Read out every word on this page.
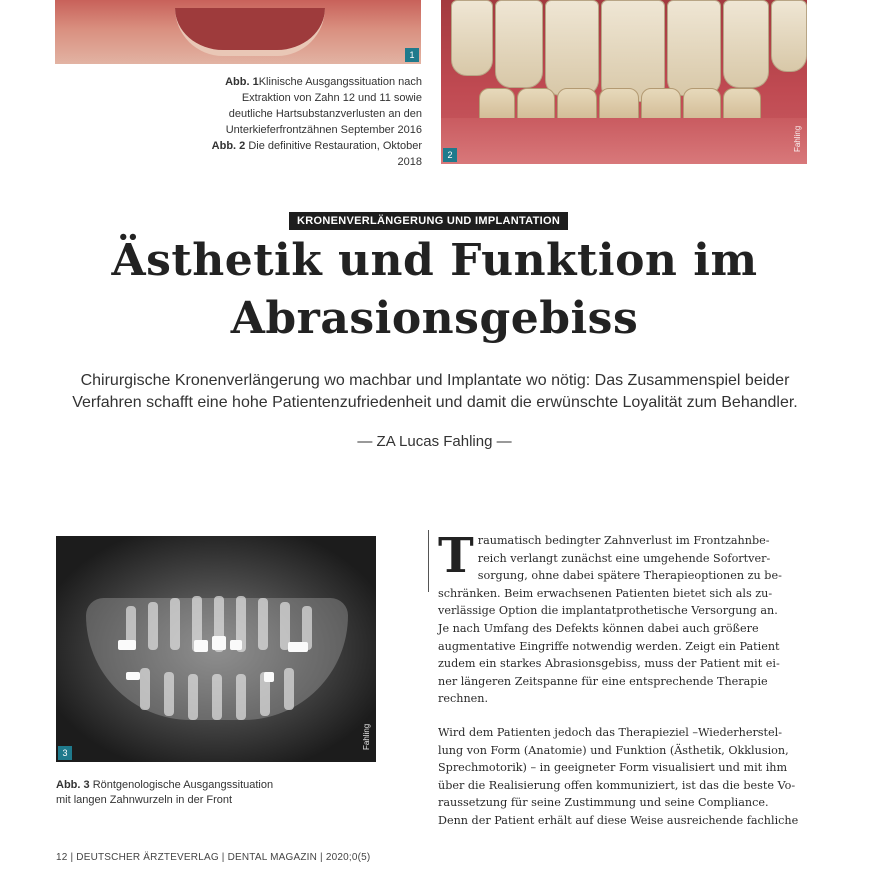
1
2
Fahling
Abb. 1Klinische Ausgangssituation nach
Extraktion von Zahn 12 und 11 sowie
deutliche Hartsubstanzverlusten an den
Unterkieferfrontzähnen September 2016
Abb. 2 Die definitive Restauration, Oktober
2018
KRONENVERLÄNGERUNG UND IMPLANTATION
Ästhetik und Funktion im
Abrasionsgebiss
Chirurgische Kronenverlängerung wo machbar und Implantate wo nötig: Das Zusammenspiel beider
Verfahren schafft eine hohe Patientenzufriedenheit und damit die erwünschte Loyalität zum Behandler.
— ZA Lucas Fahling —
3
Fahling
Abb. 3 Röntgenologische Ausgangssituation
mit langen Zahnwurzeln in der Front

T raumatisch bedingter Zahnverlust im Frontzahnbe-
reich verlangt zunächst eine umgehende Sofortver-
sorgung, ohne dabei spätere Therapieoptionen zu be-
schränken. Beim erwachsenen Patienten bietet sich als zu-
verlässige Option die implantatprothetische Versorgung an.
Je nach Umfang des Defekts können dabei auch größere
augmentative Eingriffe notwendig werden. Zeigt ein Patient
zudem ein starkes Abrasionsgebiss, muss der Patient mit ei-
ner längeren Zeitspanne für eine entsprechende Therapie
rechnen.

Wird dem Patienten jedoch das Therapieziel –Wiederherstel-
lung von Form (Anatomie) und Funktion (Ästhetik, Okklusion,
Sprechmotorik) – in geeigneter Form visualisiert und mit ihm
über die Realisierung offen kommuniziert, ist das die beste Vo-
raussetzung für seine Zustimmung und seine Compliance.
Denn der Patient erhält auf diese Weise ausreichende fachliche

12 | DEUTSCHER ÄRZTEVERLAG | DENTAL MAGAZIN | 2020;0(5)
